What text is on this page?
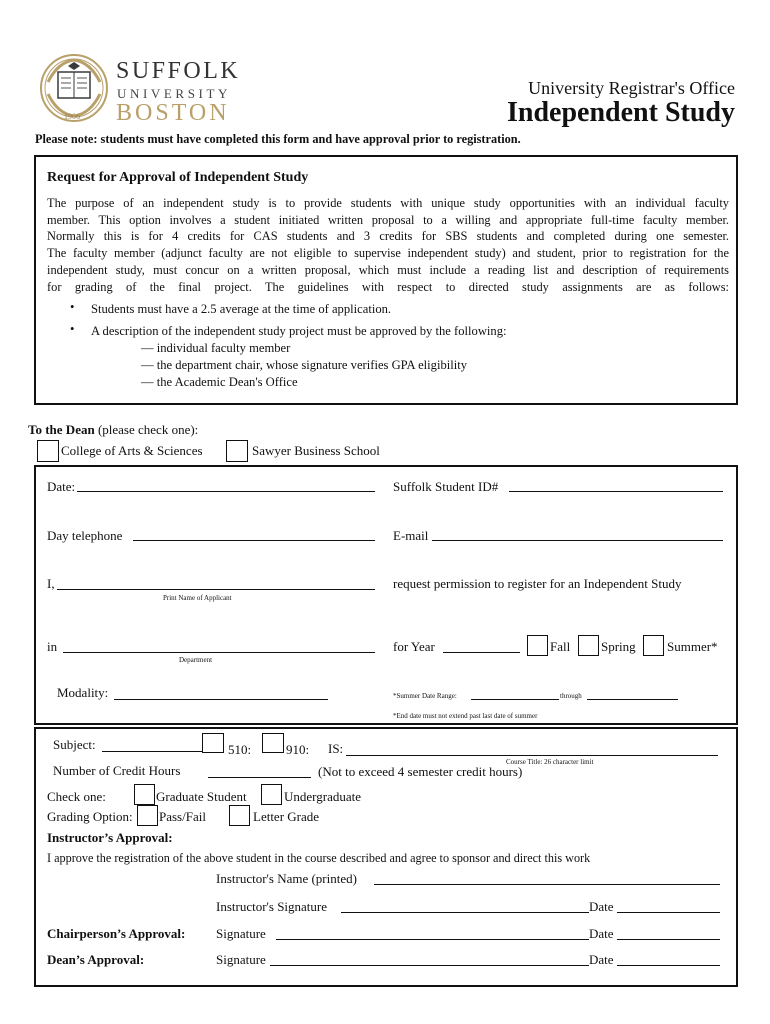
1906
SUFFOLK
UNIVERSITY
BOSTON
University Registrar's Office
Independent Study
Please note: students must have completed this form and have approval prior to registration.
Request for Approval of Independent Study
The purpose of an independent study is to provide students with unique study opportunities with an individual faculty
member. This option involves a student initiated written proposal to a willing and appropriate full-time faculty member.
Normally this is for 4 credits for CAS students and 3 credits for SBS students and completed during one semester.
The faculty member (adjunct faculty are not eligible to supervise independent study) and student, prior to registration for the
independent study, must concur on a written proposal, which must include a reading list and description of requirements
for grading of the final project. The guidelines with respect to directed study assignments are as follows:
• Students must have a 2.5 average at the time of application.
• A description of the independent study project must be approved by the following:
— individual faculty member
— the department chair, whose signature verifies GPA eligibility
— the Academic Dean's Office
To the Dean (please check one):
College of Arts & Sciences	Sawyer Business School
Date:	Suffolk Student ID#
Day telephone	E-mail
I,
Print Name of Applicant
request permission to register for an Independent Study
in
Department
for Year	Fall Spring Summer*
Modality:	*Summer Date Range:	through
*End date must not extend past last date of summer
Subject:	510:	910: IS:
Course Title: 26 character limit
Number of Credit Hours	(Not to exceed 4 semester credit hours)
Check one:	Graduate Student	Undergraduate
Grading Option: Pass/Fail	Letter Grade
Instructor’s Approval:
I approve the registration of the above student in the course described and agree to sponsor and direct this work
Instructor's Name (printed)
Instructor's Signature	Date
Chairperson’s Approval: Signature	Date
Dean’s Approval:	Signature	Date
